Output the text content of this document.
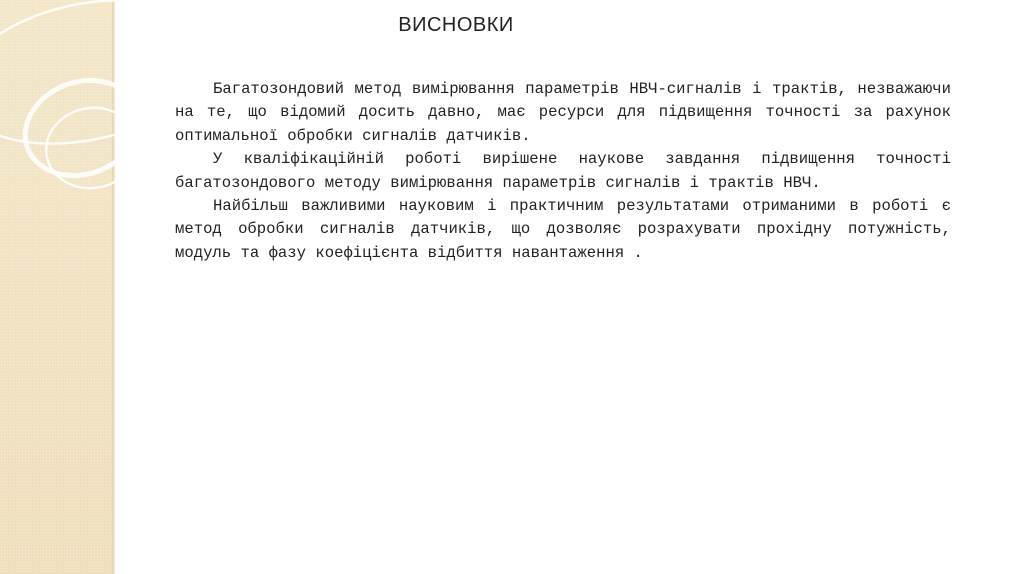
ВИСНОВКИ

Багатозондовий метод вимірювання параметрів НВЧ-сигналів і трактів, незважаючи на те, що відомий досить давно, має ресурси для підвищення точності за рахунок оптимальної обробки сигналів датчиків.

У кваліфікаційній роботі вирішене наукове завдання підвищення точності багатозондового методу вимірювання параметрів сигналів і трактів НВЧ.

Найбільш важливими науковим і практичним результатами отриманими в роботі є метод обробки сигналів датчиків, що дозволяє розрахувати прохідну потужність, модуль та фазу коефіцієнта відбиття навантаження .
